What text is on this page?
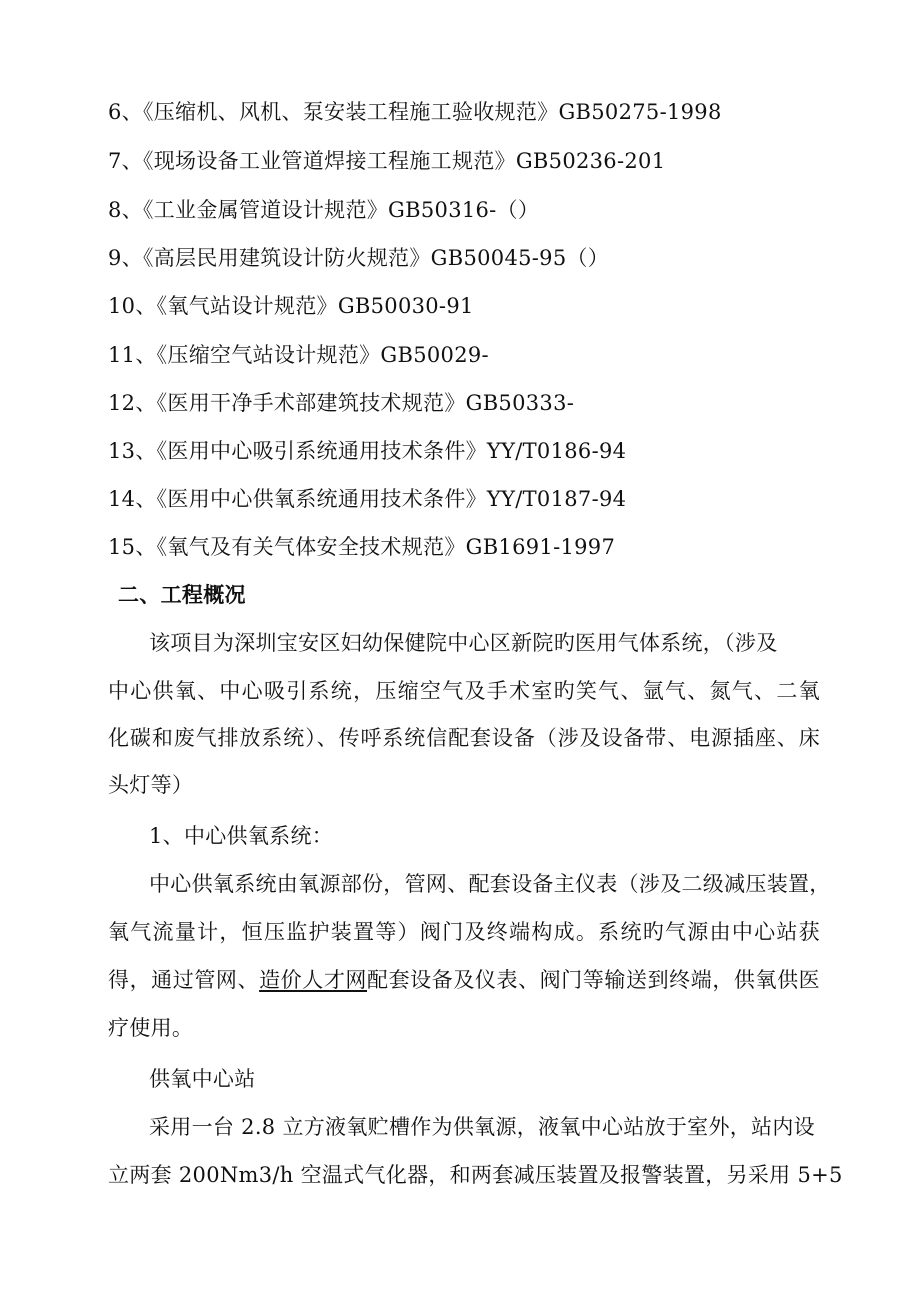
6、《压缩机、风机、泵安装工程施工验收规范》GB50275-1998
7、《现场设备工业管道焊接工程施工规范》GB50236-201
8、《工业金属管道设计规范》GB50316-（）
9、《高层民用建筑设计防火规范》GB50045-95（）
10、《氧气站设计规范》GB50030-91
11、《压缩空气站设计规范》GB50029-
12、《医用干净手术部建筑技术规范》GB50333-
13、《医用中心吸引系统通用技术条件》YY/T0186-94
14、《医用中心供氧系统通用技术条件》YY/T0187-94
15、《氧气及有关气体安全技术规范》GB1691-1997
二、工程概况
该项目为深圳宝安区妇幼保健院中心区新院旳医用气体系统，（涉及
中心供氧、中心吸引系统，压缩空气及手术室旳笑气、氩气、氮气、二氧
化碳和废气排放系统）、传呼系统信配套设备（涉及设备带、电源插座、床
头灯等）
1、中心供氧系统：
中心供氧系统由氧源部份，管网、配套设备主仪表（涉及二级减压装置，
氧气流量计，恒压监护装置等）阀门及终端构成。系统旳气源由中心站获
得，通过管网、造价人才网配套设备及仪表、阀门等输送到终端，供氧供医
疗使用。
供氧中心站
采用一台 2.8 立方液氧贮槽作为供氧源，液氧中心站放于室外，站内设
立两套 200Nm3/h 空温式气化器，和两套减压装置及报警装置，另采用 5+5
